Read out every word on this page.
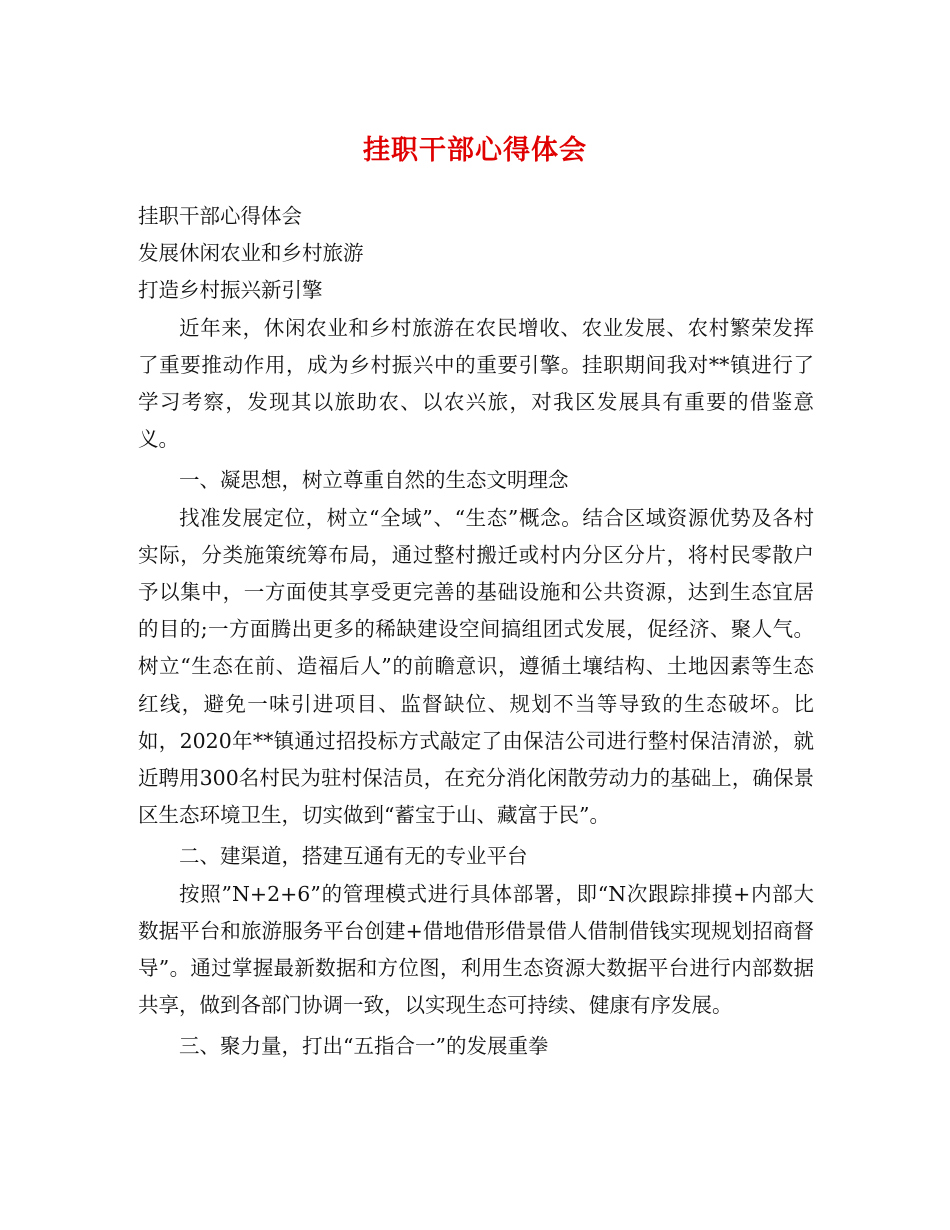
挂职干部心得体会

挂职干部心得体会

发展休闲农业和乡村旅游

打造乡村振兴新引擎

近年来，休闲农业和乡村旅游在农民增收、农业发展、农村繁荣发挥了重要推动作用，成为乡村振兴中的重要引擎。挂职期间我对**镇进行了学习考察，发现其以旅助农、以农兴旅，对我区发展具有重要的借鉴意义。

一、凝思想，树立尊重自然的生态文明理念

找准发展定位，树立“全域”、“生态”概念。结合区域资源优势及各村实际，分类施策统筹布局，通过整村搬迁或村内分区分片，将村民零散户予以集中，一方面使其享受更完善的基础设施和公共资源，达到生态宜居的目的;一方面腾出更多的稀缺建设空间搞组团式发展，促经济、聚人气。树立“生态在前、造福后人”的前瞻意识，遵循土壤结构、土地因素等生态红线，避免一味引进项目、监督缺位、规划不当等导致的生态破坏。比如，2020年**镇通过招投标方式敲定了由保洁公司进行整村保洁清淤，就近聘用300名村民为驻村保洁员，在充分消化闲散劳动力的基础上，确保景区生态环境卫生，切实做到“蓄宝于山、藏富于民”。

二、建渠道，搭建互通有无的专业平台

按照”N+2+6”的管理模式进行具体部署，即“N次跟踪排摸+内部大数据平台和旅游服务平台创建+借地借形借景借人借制借钱实现规划招商督导”。通过掌握最新数据和方位图，利用生态资源大数据平台进行内部数据共享，做到各部门协调一致，以实现生态可持续、健康有序发展。

三、聚力量，打出“五指合一”的发展重拳
